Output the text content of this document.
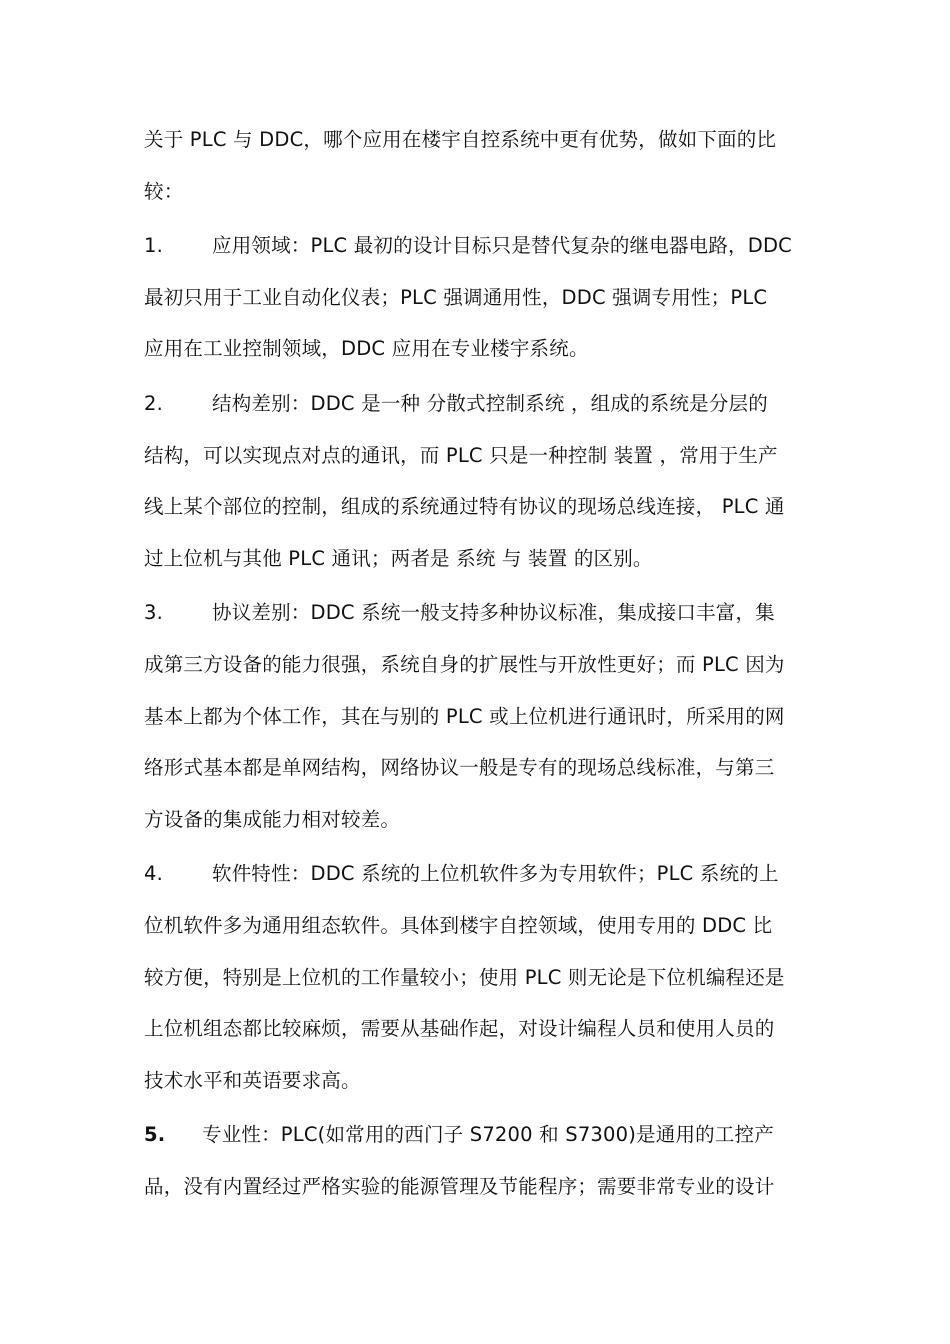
关于 PLC 与 DDC，哪个应用在楼宇自控系统中更有优势，做如下面的比
较：
1.	应用领域：PLC 最初的设计目标只是替代复杂的继电器电路，DDC
最初只用于工业自动化仪表；PLC 强调通用性，DDC 强调专用性；PLC
应用在工业控制领域，DDC 应用在专业楼宇系统。
2.	结构差别：DDC 是一种 分散式控制系统 ，组成的系统是分层的
结构，可以实现点对点的通讯，而 PLC 只是一种控制 装置 ，常用于生产
线上某个部位的控制，组成的系统通过特有协议的现场总线连接， PLC 通
过上位机与其他 PLC 通讯；两者是 系统 与 装置 的区别。
3.	协议差别：DDC 系统一般支持多种协议标准，集成接口丰富，集
成第三方设备的能力很强，系统自身的扩展性与开放性更好；而 PLC 因为
基本上都为个体工作，其在与别的 PLC 或上位机进行通讯时，所采用的网
络形式基本都是单网结构，网络协议一般是专有的现场总线标准，与第三
方设备的集成能力相对较差。
4.	软件特性：DDC 系统的上位机软件多为专用软件；PLC 系统的上
位机软件多为通用组态软件。具体到楼宇自控领域，使用专用的 DDC 比
较方便，特别是上位机的工作量较小；使用 PLC 则无论是下位机编程还是
上位机组态都比较麻烦，需要从基础作起，对设计编程人员和使用人员的
技术水平和英语要求高。
5. 专业性：PLC(如常用的西门子 S7200 和 S7300)是通用的工控产
品，没有内置经过严格实验的能源管理及节能程序；需要非常专业的设计
